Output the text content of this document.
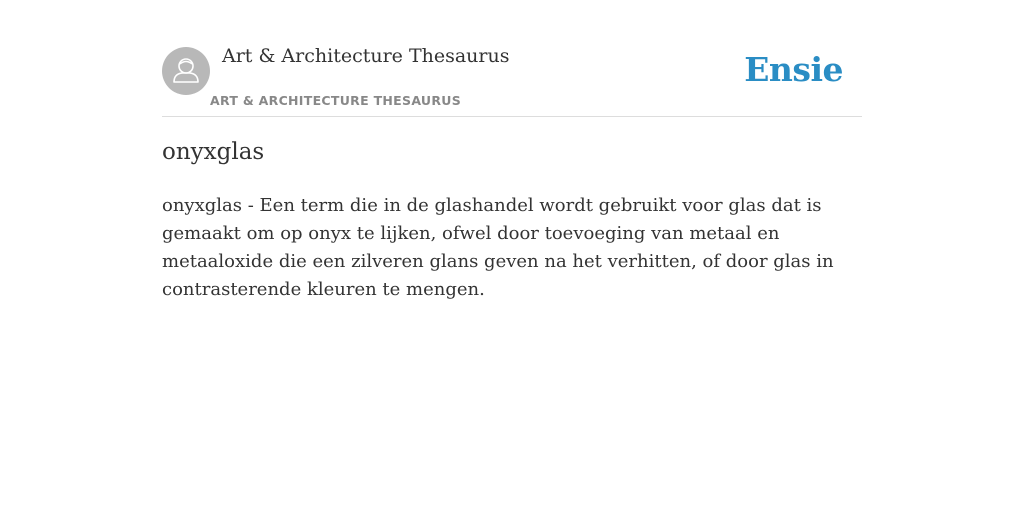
Art & Architecture Thesaurus
ART & ARCHITECTURE THESAURUS
Ensie
onyxglas

onyxglas - Een term die in de glashandel wordt gebruikt voor glas dat is gemaakt om op onyx te lijken, ofwel door toevoeging van metaal en metaaloxide die een zilveren glans geven na het verhitten, of door glas in contrasterende kleuren te mengen.
